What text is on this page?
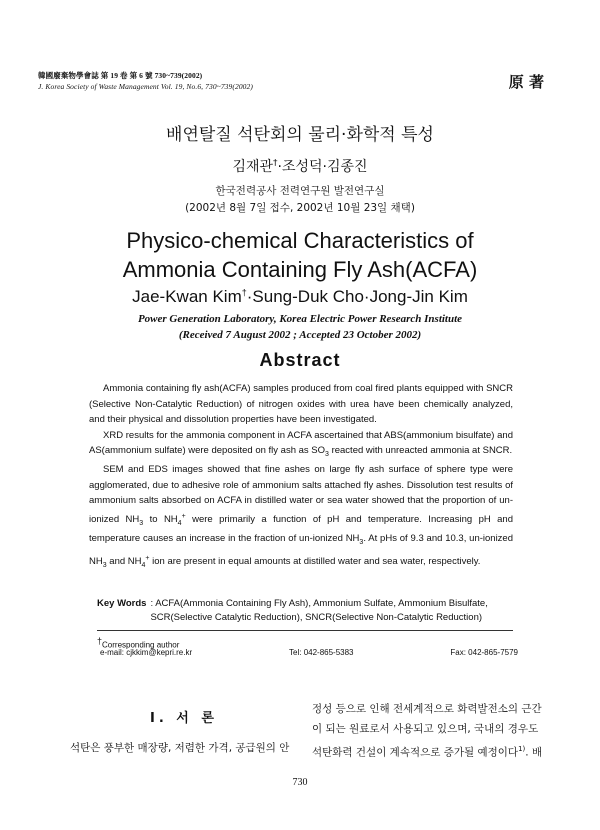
韓國廢棄物學會誌 第 19 卷 第 6 號 730~739(2002)
J. Korea Society of Waste Management Vol. 19, No.6, 730~739(2002)	原 著
배연탈질 석탄회의 물리·화학적 특성
김재관†·조성덕·김종진
한국전력공사 전력연구원 발전연구실
(2002년 8월 7일 접수, 2002년 10월 23일 채택)
Physico-chemical Characteristics of
Ammonia Containing Fly Ash(ACFA)
Jae-Kwan Kim†·Sung-Duk Cho·Jong-Jin Kim
Power Generation Laboratory, Korea Electric Power Research Institute
(Received 7 August 2002 ; Accepted 23 October 2002)
Abstract

Ammonia containing fly ash(ACFA) samples produced from coal fired plants equipped with SNCR (Selective Non-Catalytic Reduction) of nitrogen oxides with urea have been chemically analyzed, and their physical and dissolution properties have been investigated.

XRD results for the ammonia component in ACFA ascertained that ABS(ammonium bisulfate) and AS(ammonium sulfate) were deposited on fly ash as $SO_3$ reacted with unreacted ammonia at SNCR.

SEM and EDS images showed that fine ashes on large fly ash surface of sphere type were agglomerated, due to adhesive role of ammonium salts attached fly ashes. Dissolution test results of ammonium salts absorbed on ACFA in distilled water or sea water showed that the proportion of un-ionized $NH_3$ to $NH_4^+$ were primarily a function of pH and temperature. Increasing pH and temperature causes an increase in the fraction of un-ionized $NH_3$. At pHs of 9.3 and 10.3, un-ionized $NH_3$ and $NH_4^+$ ion are present in equal amounts at distilled water and sea water, respectively.

Key Words : ACFA(Ammonia Containing Fly Ash), Ammonium Sulfate, Ammonium Bisulfate, SCR(Selective Catalytic Reduction), SNCR(Selective Non-Catalytic Reduction)
†Corresponding author
e-mail: cjkkim@kepri.re.kr	Tel: 042-865-5383	Fax: 042-865-7579
I. 서 론
석탄은 풍부한 매장량, 저렴한 가격, 공급원의 안
정성 등으로 인해 전세계적으로 화력발전소의 근간
이 되는 원료로서 사용되고 있으며, 국내의 경우도
석탄화력 건설이 계속적으로 증가될 예정이다$^{1)}$. 배
730
